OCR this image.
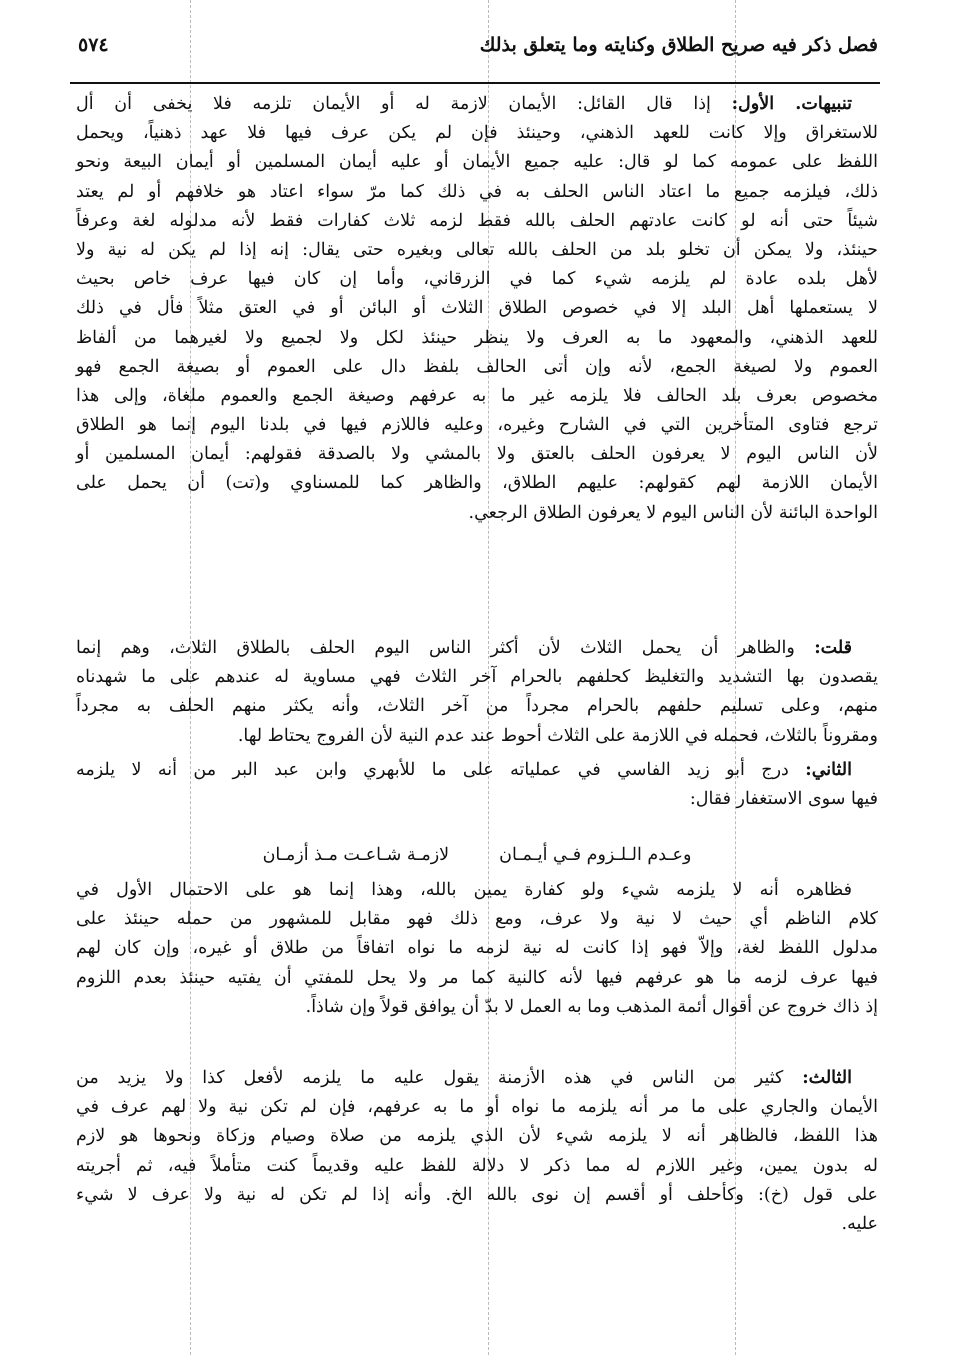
فصل ذكر فيه صريح الطلاق وكنايته وما يتعلق بذلك
٥٧٤
تنبيهات. الأول: إذا قال القائل: الأيمان لازمة له أو الأيمان تلزمه فلا يخفى أن أل
للاستغراق وإلا كانت للعهد الذهني، وحينئذ فإن لم يكن عرف فيها فلا عهد ذهنياً، ويحمل
اللفظ على عمومه كما لو قال: عليه جميع الأيمان أو عليه أيمان المسلمين أو أيمان البيعة ونحو
ذلك، فيلزمه جميع ما اعتاد الناس الحلف به في ذلك كما مرّ سواء اعتاد هو خلافهم أو لم يعتد
شيئاً حتى أنه لو كانت عادتهم الحلف بالله فقط لزمه ثلاث كفارات فقط لأنه مدلوله لغة وعرفاً
حينئذ، ولا يمكن أن تخلو بلد من الحلف بالله تعالى وبغيره حتى يقال: إنه إذا لم يكن له نية ولا
لأهل بلده عادة لم يلزمه شيء كما في الزرقاني، وأما إن كان فيها عرف خاص بحيث
لا يستعملها أهل البلد إلا في خصوص الطلاق الثلاث أو البائن أو في العتق مثلاً فأل في ذلك
للعهد الذهني، والمعهود ما به العرف ولا ينظر حينئذ لكل ولا لجميع ولا لغيرهما من ألفاظ
العموم ولا لصيغة الجمع، لأنه وإن أتى الحالف بلفظ دال على العموم أو بصيغة الجمع فهو
مخصوص بعرف بلد الحالف فلا يلزمه غير ما به عرفهم وصيغة الجمع والعموم ملغاة، وإلى هذا
ترجع فتاوى المتأخرين التي في الشارح وغيره، وعليه فاللازم فيها في بلدنا اليوم إنما هو الطلاق
لأن الناس اليوم لا يعرفون الحلف بالعتق ولا بالمشي ولا بالصدقة فقولهم: أيمان المسلمين أو
الأيمان اللازمة لهم كقولهم: عليهم الطلاق، والظاهر كما للمسناوي و(تت) أن يحمل على
الواحدة البائنة لأن الناس اليوم لا يعرفون الطلاق الرجعي.
قلت: والظاهر أن يحمل الثلاث لأن أكثر الناس اليوم الحلف بالطلاق الثلاث، وهم إنما
يقصدون بها التشديد والتغليظ كحلفهم بالحرام آخر الثلاث فهي مساوية له عندهم على ما شهدناه
منهم، وعلى تسليم حلفهم بالحرام مجرداً من آخر الثلاث، وأنه يكثر منهم الحلف به مجرداً
ومقروناً بالثلاث، فحمله في اللازمة على الثلاث أحوط عند عدم النية لأن الفروج يحتاط لها.
الثاني: درج أبو زيد الفاسي في عملياته على ما للأبهري وابن عبد البر من أنه لا يلزمه
فيها سوى الاستغفار فقال:
وعـدم الـلـزوم فـي أيـمـان
لازمـة شـاعـت مـذ أزمـان
فظاهره أنه لا يلزمه شيء ولو كفارة يمين بالله، وهذا إنما هو على الاحتمال الأول في
كلام الناظم أي حيث لا نية ولا عرف، ومع ذلك فهو مقابل للمشهور من حمله حينئذ على
مدلول اللفظ لغة، وإلاّ فهو إذا كانت له نية لزمه ما نواه اتفاقاً من طلاق أو غيره، وإن كان لهم
فيها عرف لزمه ما هو عرفهم فيها لأنه كالنية كما مر ولا يحل للمفتي أن يفتيه حينئذ بعدم اللزوم
إذ ذاك خروج عن أقوال أئمة المذهب وما به العمل لا بدّ أن يوافق قولاً وإن شاذاً.
الثالث: كثير من الناس في هذه الأزمنة يقول عليه ما يلزمه لأفعل كذا ولا يزيد من
الأيمان والجاري على ما مر أنه يلزمه ما نواه أو ما به عرفهم، فإن لم تكن نية ولا لهم عرف في
هذا اللفظ، فالظاهر أنه لا يلزمه شيء لأن الذي يلزمه من صلاة وصيام وزكاة ونحوها هو لازم
له بدون يمين، وغير اللازم له مما ذكر لا دلالة للفظ عليه وقديماً كنت متأملاً فيه، ثم أجريته
على قول (خ): وكأحلف أو أقسم إن نوى بالله الخ. وأنه إذا لم تكن له نية ولا عرف لا شيء
عليه.
